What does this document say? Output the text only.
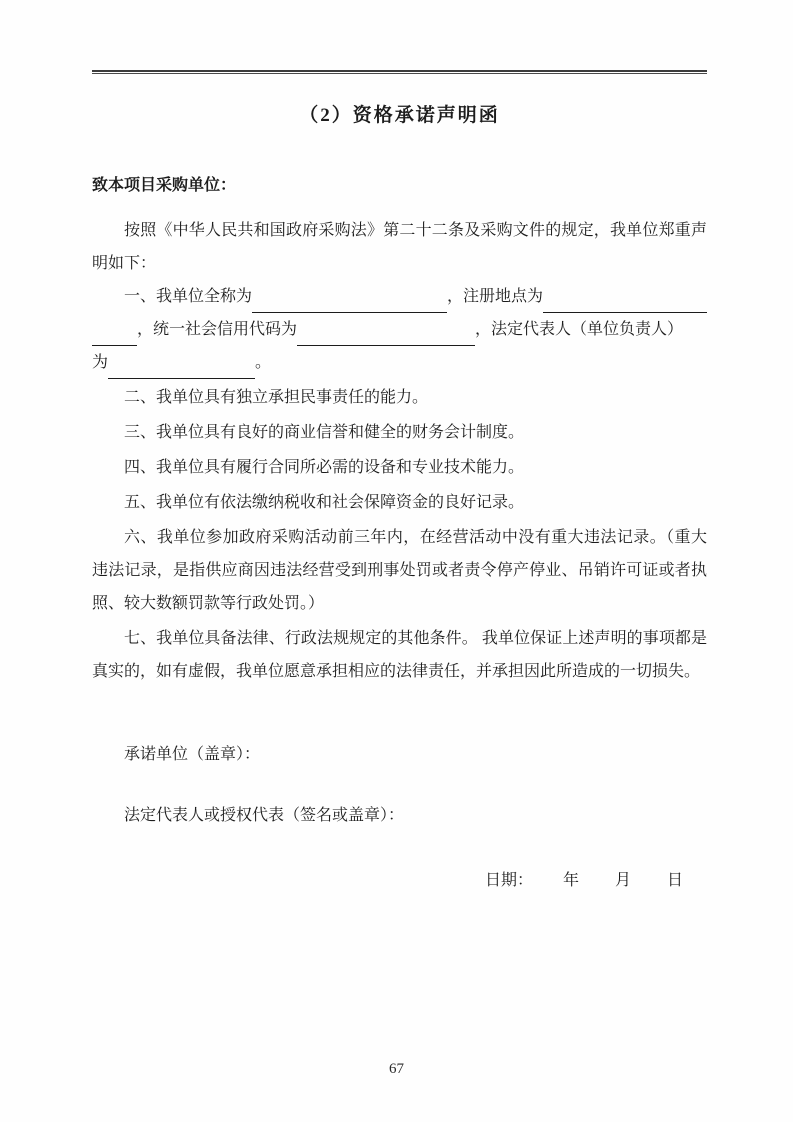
（2）资格承诺声明函
致本项目采购单位：

按照《中华人民共和国政府采购法》第二十二条及采购文件的规定，我单位郑重声明如下：

一、我单位全称为	，注册地点为
，统一社会信用代码为	，法定代表人（单位负责人）
为	。

二、我单位具有独立承担民事责任的能力。

三、我单位具有良好的商业信誉和健全的财务会计制度。

四、我单位具有履行合同所必需的设备和专业技术能力。

五、我单位有依法缴纳税收和社会保障资金的良好记录。

六、我单位参加政府采购活动前三年内，在经营活动中没有重大违法记录。（重大违法记录，是指供应商因违法经营受到刑事处罚或者责令停产停业、吊销许可证或者执照、较大数额罚款等行政处罚。）

七、我单位具备法律、行政法规规定的其他条件。 我单位保证上述声明的事项都是真实的，如有虚假，我单位愿意承担相应的法律责任，并承担因此所造成的一切损失。

承诺单位（盖章）：
法定代表人或授权代表（签名或盖章）：
日期： 年 月 日
67
